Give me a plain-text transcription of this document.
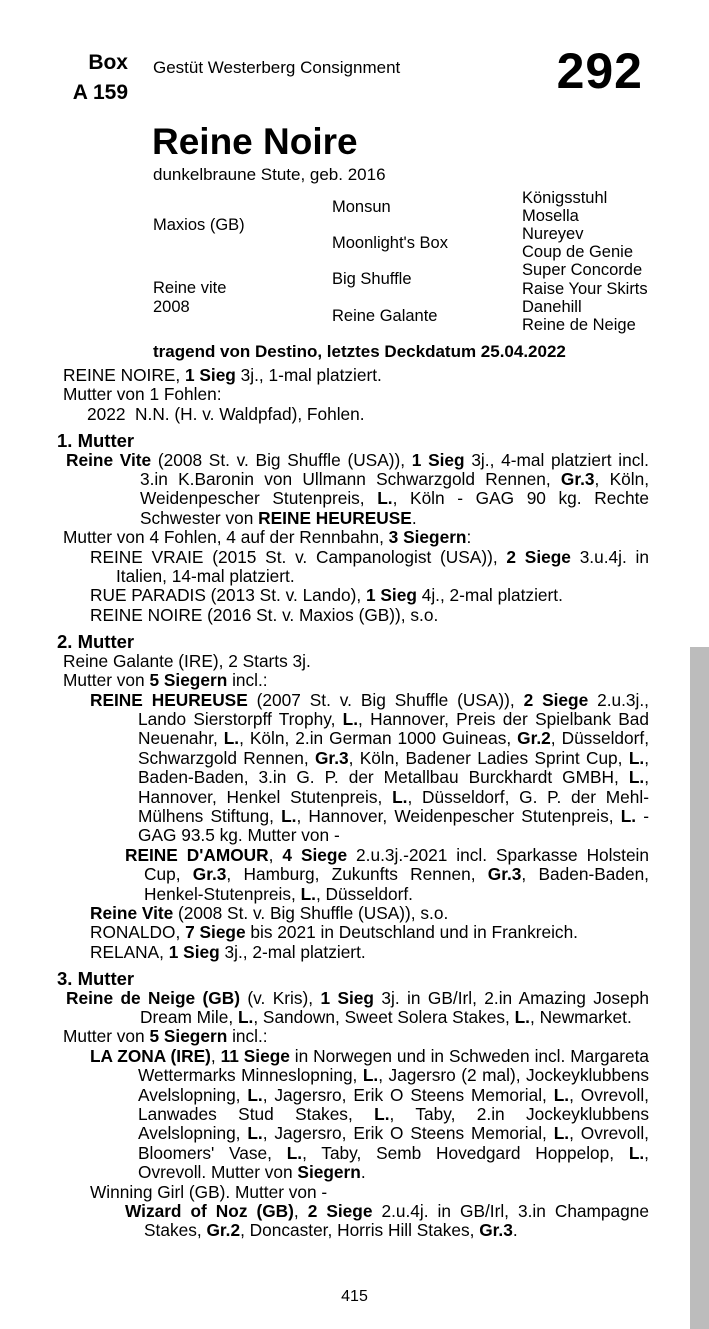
Box
A 159
Gestüt Westerberg Consignment	292
Reine Noire
dunkelbraune Stute, geb. 2016
Maxios (GB)
Reine vite
2008
Monsun
Moonlight's Box
Big Shuffle
Reine Galante
Königsstuhl
Mosella
Nureyev
Coup de Genie
Super Concorde
Raise Your Skirts
Danehill
Reine de Neige
tragend von Destino, letztes Deckdatum 25.04.2022

REINE NOIRE, 1 Sieg 3j., 1-mal platziert.

Mutter von 1 Fohlen:

2022  N.N. (H. v. Waldpfad), Fohlen.

1. Mutter

Reine Vite (2008 St. v. Big Shuffle (USA)), 1 Sieg 3j., 4-mal platziert incl. 3.in K.Baronin von Ullmann Schwarzgold Rennen, Gr.3, Köln, Weidenpescher Stutenpreis, L., Köln - GAG 90 kg. Rechte Schwester von REINE HEUREUSE.

Mutter von 4 Fohlen, 4 auf der Rennbahn, 3 Siegern:

REINE VRAIE (2015 St. v. Campanologist (USA)), 2 Siege 3.u.4j. in Italien, 14-mal platziert.

RUE PARADIS (2013 St. v. Lando), 1 Sieg 4j., 2-mal platziert.

REINE NOIRE (2016 St. v. Maxios (GB)), s.o.

2. Mutter

Reine Galante (IRE), 2 Starts 3j.

Mutter von 5 Siegern incl.:

REINE HEUREUSE (2007 St. v. Big Shuffle (USA)), 2 Siege 2.u.3j., Lando Sierstorpff Trophy, L., Hannover, Preis der Spielbank Bad Neuenahr, L., Köln, 2.in German 1000 Guineas, Gr.2, Düsseldorf, Schwarzgold Rennen, Gr.3, Köln, Badener Ladies Sprint Cup, L., Baden-Baden, 3.in G. P. der Metallbau Burckhardt GMBH, L., Hannover, Henkel Stutenpreis, L., Düsseldorf, G. P. der Mehl-Mülhens Stiftung, L., Hannover, Weidenpescher Stutenpreis, L. - GAG 93.5 kg. Mutter von -

REINE D'AMOUR, 4 Siege 2.u.3j.-2021 incl. Sparkasse Holstein Cup, Gr.3, Hamburg, Zukunfts Rennen, Gr.3, Baden-Baden, Henkel-Stutenpreis, L., Düsseldorf.

Reine Vite (2008 St. v. Big Shuffle (USA)), s.o.

RONALDO, 7 Siege bis 2021 in Deutschland und in Frankreich.

RELANA, 1 Sieg 3j., 2-mal platziert.

3. Mutter

Reine de Neige (GB) (v. Kris), 1 Sieg 3j. in GB/Irl, 2.in Amazing Joseph Dream Mile, L., Sandown, Sweet Solera Stakes, L., Newmarket.

Mutter von 5 Siegern incl.:

LA ZONA (IRE), 11 Siege in Norwegen und in Schweden incl. Margareta Wettermarks Minneslopning, L., Jagersro (2 mal), Jockeyklubbens Avelslopning, L., Jagersro, Erik O Steens Memorial, L., Ovrevoll, Lanwades Stud Stakes, L., Taby, 2.in Jockeyklubbens Avelslopning, L., Jagersro, Erik O Steens Memorial, L., Ovrevoll, Bloomers' Vase, L., Taby, Semb Hovedgard Hoppelop, L., Ovrevoll. Mutter von Siegern.

Winning Girl (GB). Mutter von -

Wizard of Noz (GB), 2 Siege 2.u.4j. in GB/Irl, 3.in Champagne Stakes, Gr.2, Doncaster, Horris Hill Stakes, Gr.3.

415
